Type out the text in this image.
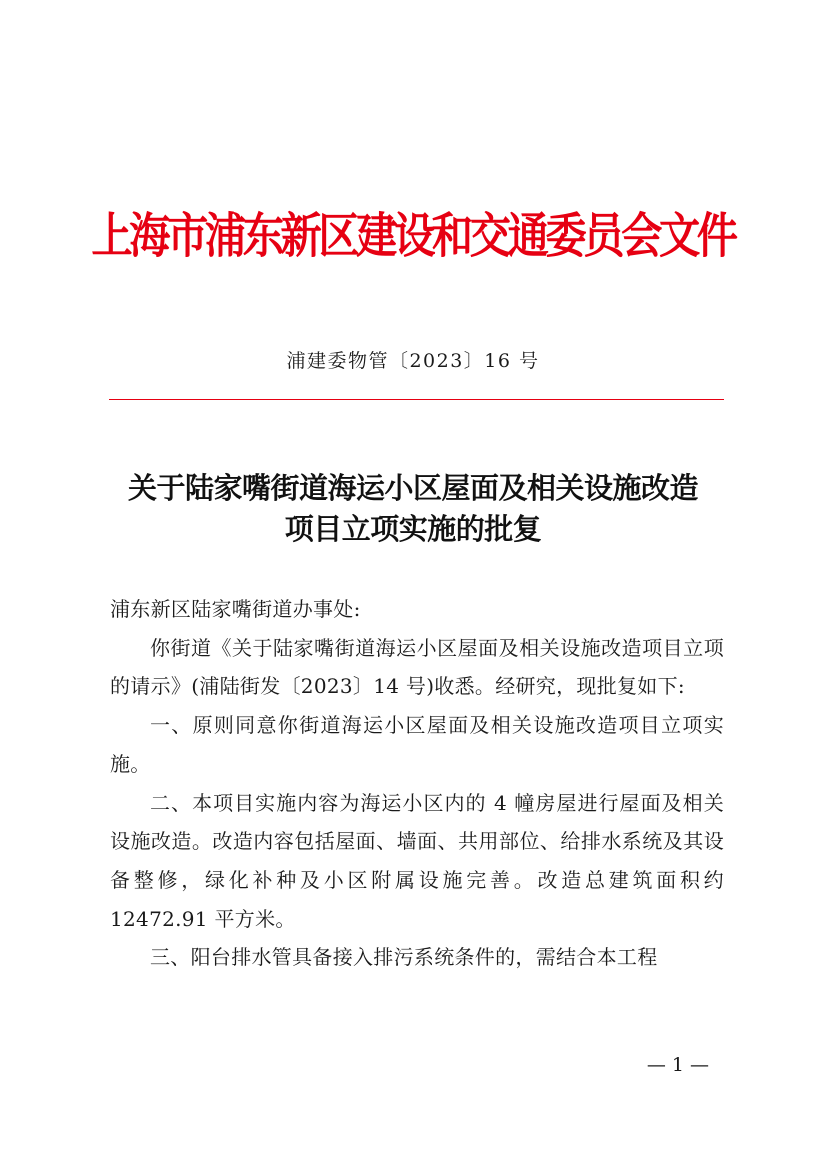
上海市浦东新区建设和交通委员会文件
浦建委物管〔2023〕16 号
关于陆家嘴街道海运小区屋面及相关设施改造
项目立项实施的批复

浦东新区陆家嘴街道办事处:

你街道《关于陆家嘴街道海运小区屋面及相关设施改造项目立项的请示》(浦陆街发〔2023〕14 号)收悉。经研究，现批复如下:

一、原则同意你街道海运小区屋面及相关设施改造项目立项实施。

二、本项目实施内容为海运小区内的 4 幢房屋进行屋面及相关设施改造。改造内容包括屋面、墙面、共用部位、给排水系统及其设备整修，绿化补种及小区附属设施完善。改造总建筑面积约 12472.91 平方米。

三、阳台排水管具备接入排污系统条件的，需结合本工程

— 1 —
